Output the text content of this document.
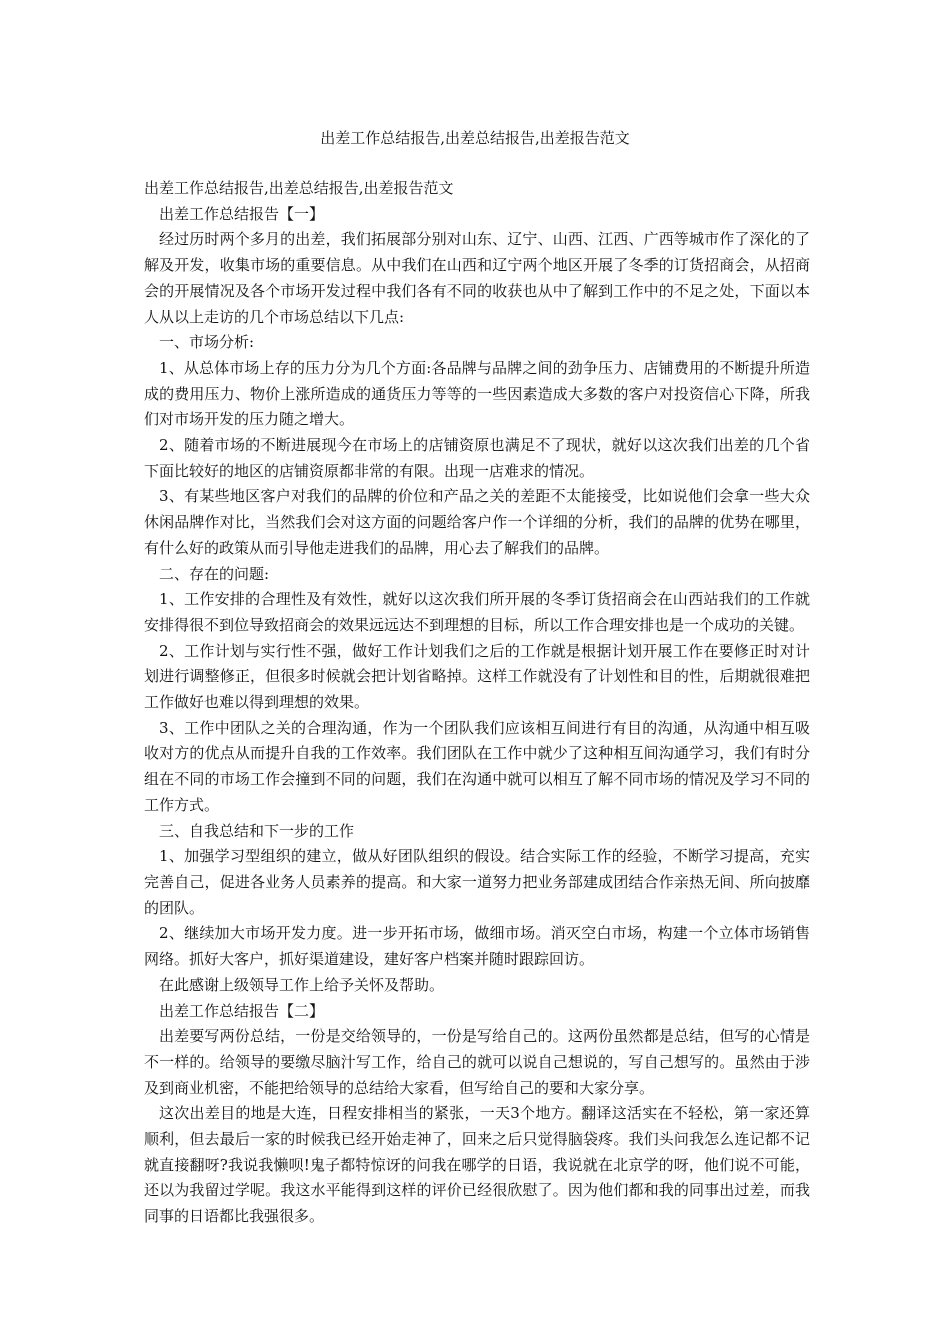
出差工作总结报告,出差总结报告,出差报告范文

出差工作总结报告,出差总结报告,出差报告范文

出差工作总结报告【一】

经过历时两个多月的出差，我们拓展部分别对山东、辽宁、山西、江西、广西等城市作了深化的了解及开发，收集市场的重要信息。从中我们在山西和辽宁两个地区开展了冬季的订货招商会，从招商会的开展情况及各个市场开发过程中我们各有不同的收获也从中了解到工作中的不足之处，下面以本人从以上走访的几个市场总结以下几点:

一、市场分析:

1、从总体市场上存的压力分为几个方面:各品牌与品牌之间的劲争压力、店铺费用的不断提升所造成的费用压力、物价上涨所造成的通货压力等等的一些因素造成大多数的客户对投资信心下降，所我们对市场开发的压力随之增大。

2、随着市场的不断进展现今在市场上的店铺资原也满足不了现状，就好以这次我们出差的几个省下面比较好的地区的店铺资原都非常的有限。出现一店难求的情况。

3、有某些地区客户对我们的品牌的价位和产品之关的差距不太能接受，比如说他们会拿一些大众休闲品牌作对比，当然我们会对这方面的问题给客户作一个详细的分析，我们的品牌的优势在哪里，有什么好的政策从而引导他走进我们的品牌，用心去了解我们的品牌。

二、存在的问题:

1、工作安排的合理性及有效性，就好以这次我们所开展的冬季订货招商会在山西站我们的工作就安排得很不到位导致招商会的效果远远达不到理想的目标，所以工作合理安排也是一个成功的关键。

2、工作计划与实行性不强，做好工作计划我们之后的工作就是根据计划开展工作在要修正时对计划进行调整修正，但很多时候就会把计划省略掉。这样工作就没有了计划性和目的性，后期就很难把工作做好也难以得到理想的效果。

3、工作中团队之关的合理沟通，作为一个团队我们应该相互间进行有目的沟通，从沟通中相互吸收对方的优点从而提升自我的工作效率。我们团队在工作中就少了这种相互间沟通学习，我们有时分组在不同的市场工作会撞到不同的问题，我们在沟通中就可以相互了解不同市场的情况及学习不同的工作方式。

三、自我总结和下一步的工作

1、加强学习型组织的建立，做从好团队组织的假设。结合实际工作的经验，不断学习提高，充实完善自己，促进各业务人员素养的提高。和大家一道努力把业务部建成团结合作亲热无间、所向披靡的团队。

2、继续加大市场开发力度。进一步开拓市场，做细市场。消灭空白市场，构建一个立体市场销售网络。抓好大客户，抓好渠道建设，建好客户档案并随时跟踪回访。

在此感谢上级领导工作上给予关怀及帮助。

出差工作总结报告【二】

出差要写两份总结，一份是交给领导的，一份是写给自己的。这两份虽然都是总结，但写的心情是不一样的。给领导的要缴尽脑汁写工作，给自己的就可以说自己想说的，写自己想写的。虽然由于涉及到商业机密，不能把给领导的总结给大家看，但写给自己的要和大家分享。

这次出差目的地是大连，日程安排相当的紧张，一天3个地方。翻译这活实在不轻松，第一家还算顺利，但去最后一家的时候我已经开始走神了，回来之后只觉得脑袋疼。我们头问我怎么连记都不记就直接翻呀?我说我懒呗!鬼子都特惊讶的问我在哪学的日语，我说就在北京学的呀，他们说不可能，还以为我留过学呢。我这水平能得到这样的评价已经很欣慰了。因为他们都和我的同事出过差，而我同事的日语都比我强很多。
